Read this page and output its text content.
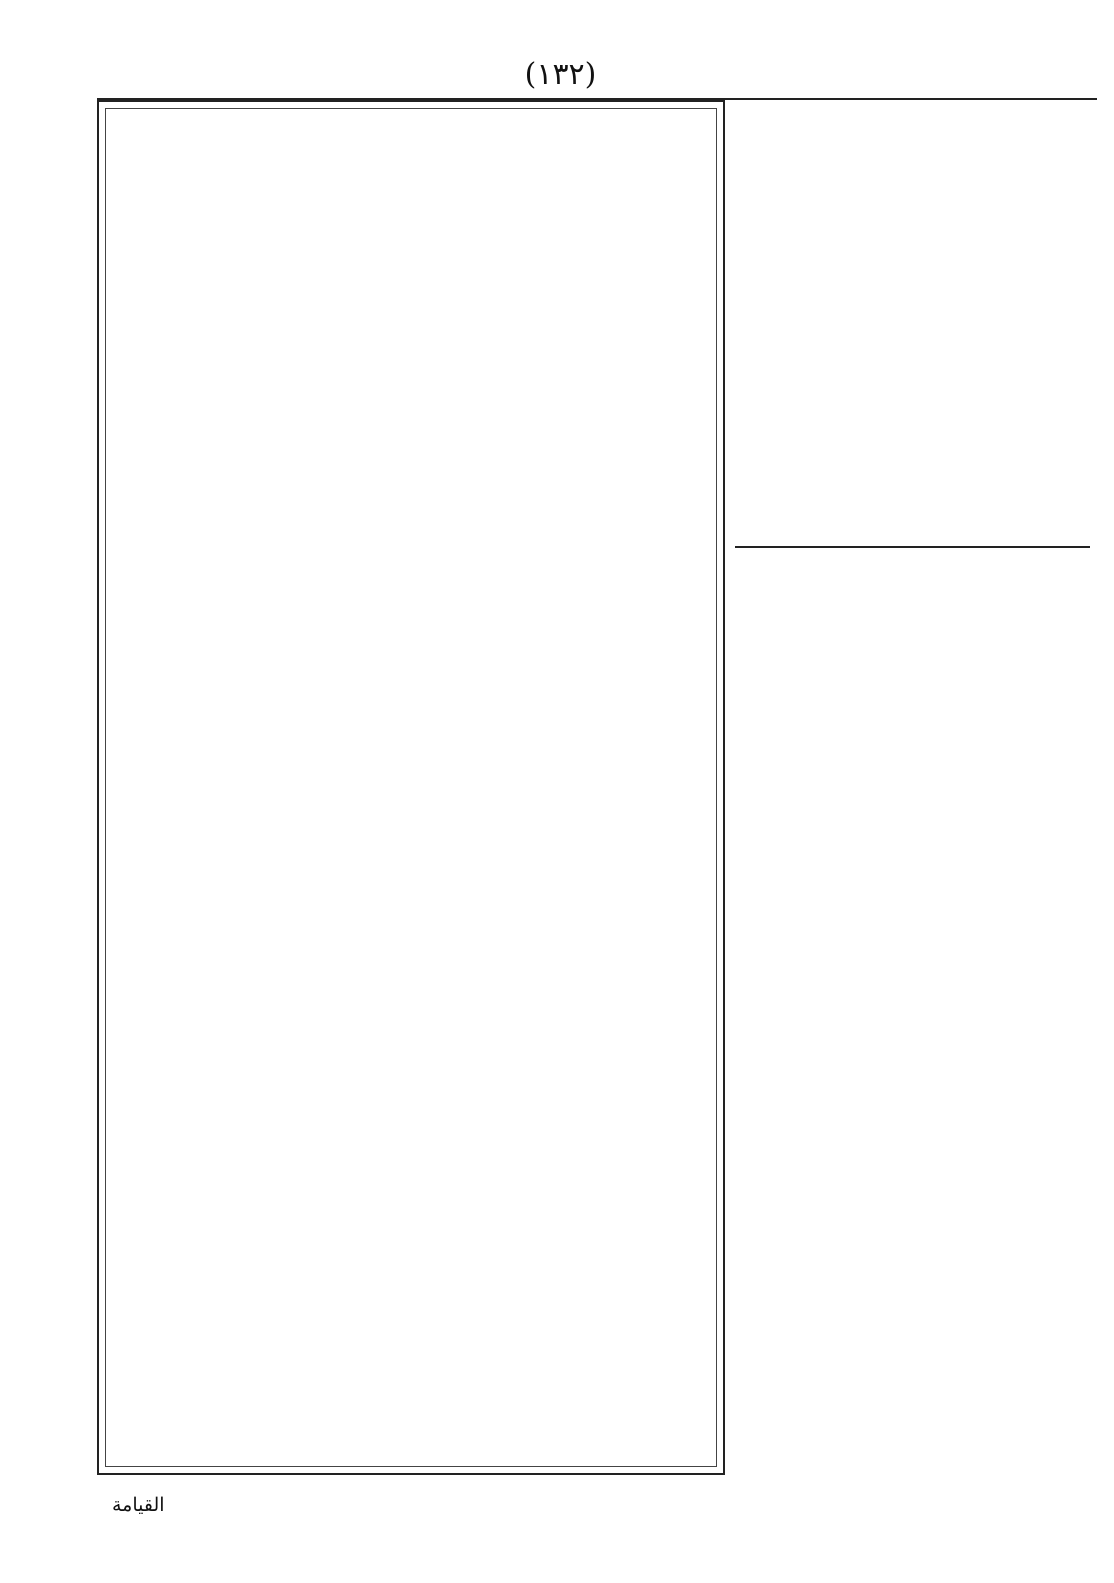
(١٣٢)
القيامة
